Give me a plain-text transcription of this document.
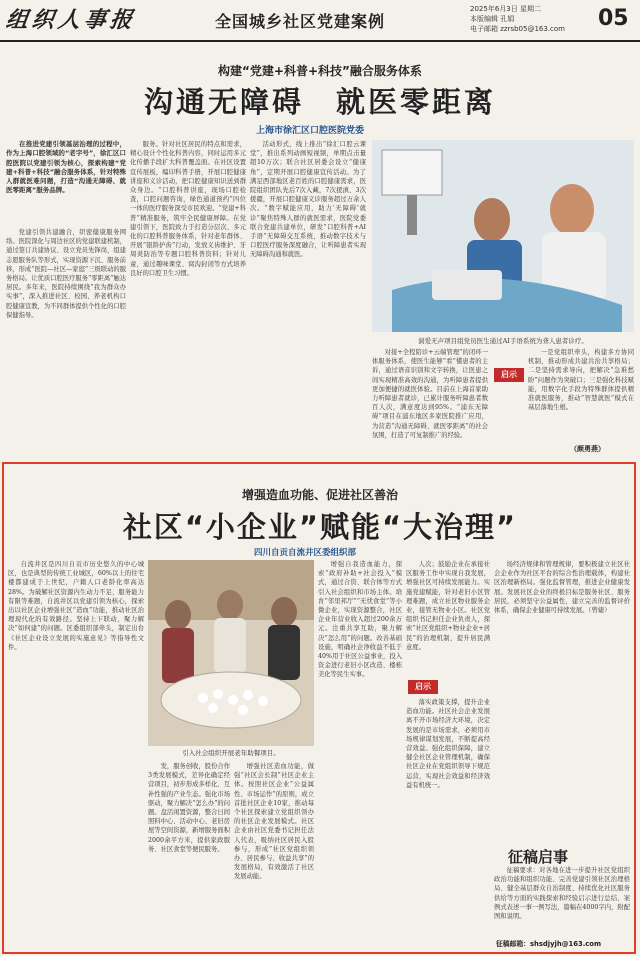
组织人事报	全国城乡社区党建案例
2025年6月3日 星期二
本版编辑 孔娟
电子邮箱 zzrsb05@163.com	05
构建“党建+科普+科技”融合服务体系
沟通无障碍　就医零距离
上海市徐汇区口腔医院党委

在推进党建引领基层治理的过程中，作为上海口腔领域的“老字号”，徐汇区口腔医院以党建引领为核心，探索构建“党建+科普+科技”融合服务体系，针对特殊人群就医难问题，打造“沟通无障碍、就医零距离”服务品牌。

党建引领共建融合，织密健康服务网络。医院深化与周边社区的党建联建机制，通过签订共建协议、设立党员先锋岗，组建志愿服务队等形式，实现资源下沉、服务前移，形成“医院—社区—家庭”三级联动的服务格局。让优质口腔医疗服务“零距离”触达居民。多年来，医院持续围绕“我为群众办实事”，深入推进社区、校园、养老机构口腔健康宣教，为不同群体提供个性化的口腔保健指导。

服务。针对社区居民的特点和需求，精心设计个性化科普内容，同时运用多元化传播手段扩大科普覆盖面。在社区设置宣传展板，编印科普手册，开展口腔健康讲座和义诊活动，把口腔健康知识送到群众身边。“口腔科普讲座，现场口腔检查，口腔问题咨询，绿色通道预约”四位一体的医疗服务深受市民欢迎。“党建+科普”精准服务，筑牢全民健康屏障。在党建引领下，医院致力于打造分层次、多元化的口腔科普服务体系，针对老年群体、开展“银龄护齿”行动，发放义齿维护、牙周炎防治等专题口腔科普资料；针对儿童，通过趣味课堂、窝沟封闭等方式培养良好的口腔卫生习惯。

活动形式，线上推出“徐汇口腔云课堂”，推出系列动画短视频，单期点击量超10万次；联合社区居委会设立“健康角”，定期开展口腔健康宣传活动。为了满足西部地区老百姓的口腔健康需求，医院组织团队先后7次入藏，7次援滇、3次援疆，开展口腔健康义诊服务超过万余人次。“数字赋能应用，助力‘无障碍’就诊”聚焦特殊人群的就医需求，医院党委联合党建共建单位，研发“口腔科普+AI手语”无障碍交互系统，推动数字技术与口腔医疗服务深度融合，让听障患者实现无障碍沟通和就医。

洞爱无声项目组党员医生通过AI手语系统为聋人患者诊疗。

对接+全程陪诊+云端管理”的闭环一体服务体系，使医生能够“看”懂患者的主诉，通过语音识别和文字转换，让医患之间实现精准高效的沟通，为听障患者提供更加便捷的就医体验。目前在上海首家助力听障患者就诊，已累计服务听障患者数百人次，满意度达到95%。“浦东无障碍”项目在浦东地区多家医院推广应用，为营造“沟通无障碍、就医零距离”的社会氛围，打造了可复制推广的经验。

启示

一是党组织牵头，构建多方协同机制，推动形成共建共治共享格局；二是坚持需求导向，把解决“急难愁盼”问题作为突破口；三是强化科技赋能，用数字化手段为特殊群体提供精准就医服务，推动“智慧就医”模式在基层落地生根。

（颜勇燕）
增强造血功能、促进社区善治
社区“小企业”赋能“大治理”
四川自贡自流井区委组织部

自流井区是四川自贡市历史悠久的中心城区，也是典型的传统工业城区，60%以上的住宅楼都建成于上世纪，户籍人口老龄化率高达28%。为破解社区资源内生动力不足、服务能力有限等难题，自流井区以党建引领为核心，探索出以社区企业增强社区“造血”功能，推动社区治理现代化的有效路径。坚持上下联动，聚力解决“如何建”的问题。区委组织部牵头，制定出台《社区企业设立发展的实施意见》等指导性文件。

引入社会组织开展老年助餐项目。

发，服务创收，股份合作3类发展模式，差异化确定经营项目，初步形成多样化、互补性强的产业生态。强化市场驱动，聚力解决“怎么办”的问题。盘活闲置资源，整合日间照料中心、活动中心、老旧房屋等空间资源，新增服务面积2000余平方米，提供家政服务、社区食堂等便民服务。

增强社区造血功能，做强“社区会长制”社区企业主体。按照社区企业“公益属性、市场运作”的原则，成立首批社区企业10家，推动每个社区探索建立党组织领办的社区企业发展模式。社区企业由社区党委书记担任法人代表，吸纳社区居民入股参与，形成“社区党组织领办、居民参与、收益共享”的发展格局，有效激活了社区发展动能。

增强自我造血能力，探索“政府补助+社会投入”模式，通过合资、联合体等方式引入社会组织和市场主体。培育“邻里邦厅”“无忧食堂”等小微企业，实现资源整合，社区企业年营业收入超过200余万元。注重共享互助，聚力解决“怎么用”的问题。改善基础设施，明确社企净收益不低于40%用于社区公益事业，投入资金进行老旧小区改造、楼栋美化等民生实事。

人次；鼓励企业在承接社区服务工作中实现自我发展，增强社区可持续发展能力。实施党建赋能，针对老旧小区管理难题，成立社区物业服务企业，接管无物业小区。社区党组织书记担任企业负责人，探索“社区党组织+物业企业+居民”的治理机制，提升居民满意度。

启示

落实政策支撑，提升企业造血功能。社区社会企业发展离不开市场经济大环境，决定发展的是市场需求，必须用市场规律谋划发展，不断提高经营效益。强化组织保障，建立健全社区企业管理机制，确保社区企业在党组织领导下规范运营，实现社会效益和经济效益有机统一。

场经济规律和管理规律，要积极建立社区社会企业作为社区平台的综合性治理载体，构建社区治理新格局。强化监督管理，推进企业健康发展。发展社区企业的终极目标是服务社区、服务居民，必须坚守公益属性，建立完善的监督评价体系，确保企业健康可持续发展。（曾婕）

征稿启事

征稿要求：对各地在进一步提升社区党组织政治功能和组织功能、完善党建引领社区治理格局、健全基层群众自治制度、持续优化社区服务供给等方面的实践探索和经验启示进行总结、案例式表述一事一例写法，篇幅在4000字内，附配图和说明。

征稿邮箱：shsdjyjh@163.com
